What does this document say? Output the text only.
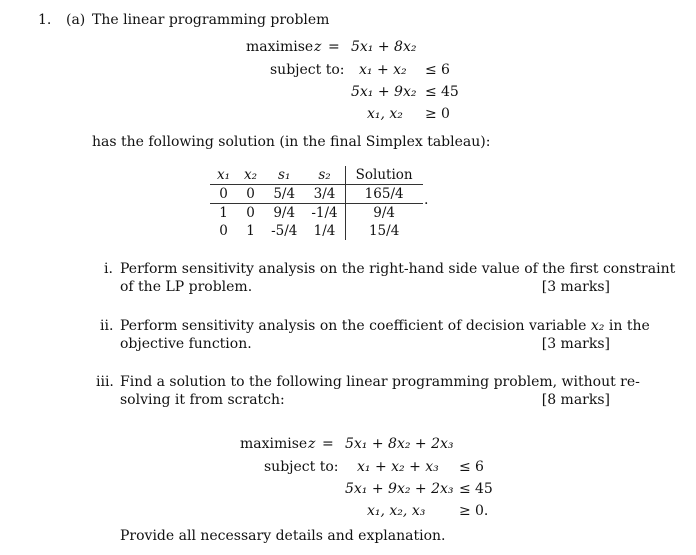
1. (a) The linear programming problem
maximise z = 5x₁ + 8x₂
subject to: x₁ + x₂ ≤ 6
5x₁ + 9x₂ ≤ 45
x₁, x₂ ≥ 0
has the following solution (in the final Simplex tableau):
x₁	x₂	s₁	s₂	Solution
0	0	5/4	3/4	165/4
1	0	9/4	-1/4	9/4
0	1	-5/4	1/4	15/4
.
i. Perform sensitivity analysis on the right-hand side value of the first constraint
of the LP problem.	[3 marks]
ii. Perform sensitivity analysis on the coefficient of decision variable x₂ in the
objective function.	[3 marks]
iii. Find a solution to the following linear programming problem, without re-
solving it from scratch:	[8 marks]
maximise z = 5x₁ + 8x₂ + 2x₃
subject to: x₁ + x₂ + x₃ ≤ 6
5x₁ + 9x₂ + 2x₃ ≤ 45
x₁, x₂, x₃ ≥ 0.
Provide all necessary details and explanation.
